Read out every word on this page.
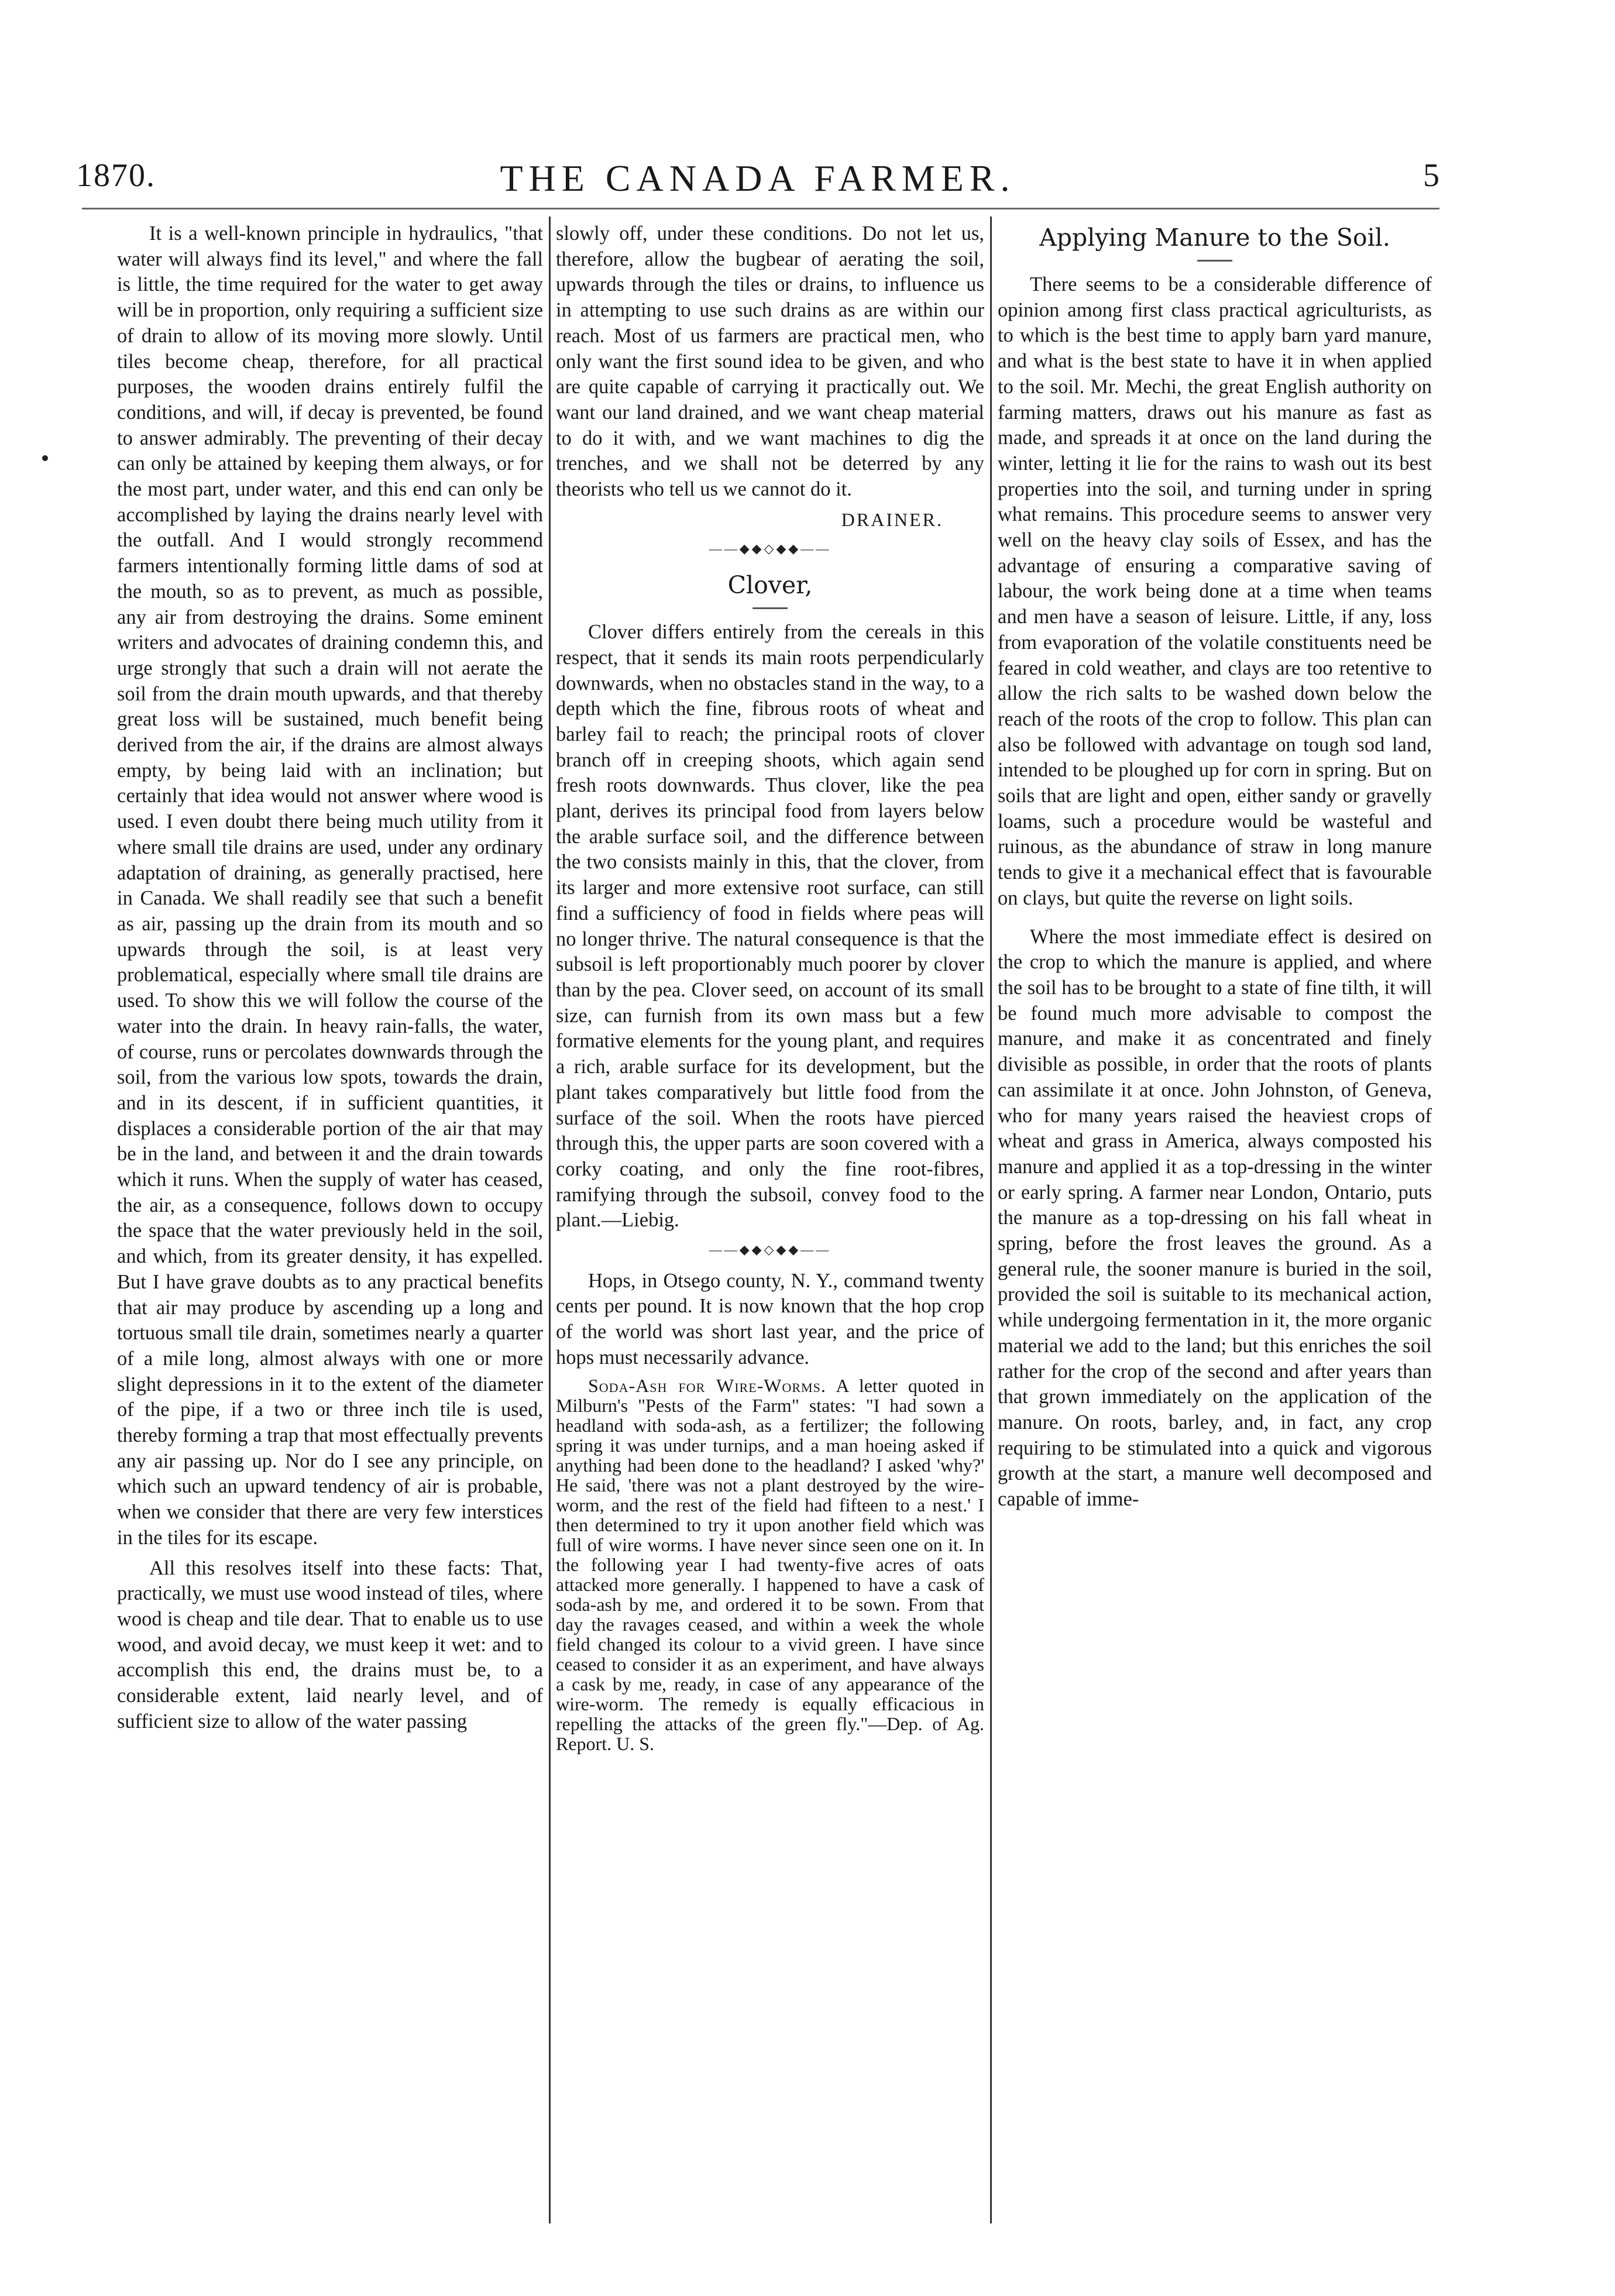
1870.	THE CANADA FARMER.	5

It is a well-known principle in hydraulics, "that water will always find its level," and where the fall is little, the time required for the water to get away will be in proportion, only requiring a sufficient size of drain to allow of its moving more slowly. Until tiles become cheap, therefore, for all practical purposes, the wooden drains entirely fulfil the conditions, and will, if decay is prevented, be found to answer admirably. The preventing of their decay can only be attained by keeping them always, or for the most part, under water, and this end can only be accomplished by laying the drains nearly level with the outfall. And I would strongly recommend farmers intentionally forming little dams of sod at the mouth, so as to prevent, as much as possible, any air from destroying the drains. Some eminent writers and advocates of draining condemn this, and urge strongly that such a drain will not aerate the soil from the drain mouth upwards, and that thereby great loss will be sustained, much benefit being derived from the air, if the drains are almost always empty, by being laid with an inclination; but certainly that idea would not answer where wood is used. I even doubt there being much utility from it where small tile drains are used, under any ordinary adaptation of draining, as generally practised, here in Canada. We shall readily see that such a benefit as air, passing up the drain from its mouth and so upwards through the soil, is at least very problematical, especially where small tile drains are used. To show this we will follow the course of the water into the drain. In heavy rain-falls, the water, of course, runs or percolates downwards through the soil, from the various low spots, towards the drain, and in its descent, if in sufficient quantities, it displaces a considerable portion of the air that may be in the land, and between it and the drain towards which it runs. When the supply of water has ceased, the air, as a consequence, follows down to occupy the space that the water previously held in the soil, and which, from its greater density, it has expelled. But I have grave doubts as to any practical benefits that air may produce by ascending up a long and tortuous small tile drain, sometimes nearly a quarter of a mile long, almost always with one or more slight depressions in it to the extent of the diameter of the pipe, if a two or three inch tile is used, thereby forming a trap that most effectually prevents any air passing up. Nor do I see any principle, on which such an upward tendency of air is probable, when we consider that there are very few interstices in the tiles for its escape.

All this resolves itself into these facts: That, practically, we must use wood instead of tiles, where wood is cheap and tile dear. That to enable us to use wood, and avoid decay, we must keep it wet: and to accomplish this end, the drains must be, to a considerable extent, laid nearly level, and of sufficient size to allow of the water passing

slowly off, under these conditions. Do not let us, therefore, allow the bugbear of aerating the soil, upwards through the tiles or drains, to influence us in attempting to use such drains as are within our reach. Most of us farmers are practical men, who only want the first sound idea to be given, and who are quite capable of carrying it practically out. We want our land drained, and we want cheap material to do it with, and we want machines to dig the trenches, and we shall not be deterred by any theorists who tell us we cannot do it.

DRAINER.
——◆◆◇◆◆——
Clover,

Clover differs entirely from the cereals in this respect, that it sends its main roots perpendicularly downwards, when no obstacles stand in the way, to a depth which the fine, fibrous roots of wheat and barley fail to reach; the principal roots of clover branch off in creeping shoots, which again send fresh roots downwards. Thus clover, like the pea plant, derives its principal food from layers below the arable surface soil, and the difference between the two consists mainly in this, that the clover, from its larger and more extensive root surface, can still find a sufficiency of food in fields where peas will no longer thrive. The natural consequence is that the subsoil is left proportionably much poorer by clover than by the pea. Clover seed, on account of its small size, can furnish from its own mass but a few formative elements for the young plant, and requires a rich, arable surface for its development, but the plant takes comparatively but little food from the surface of the soil. When the roots have pierced through this, the upper parts are soon covered with a corky coating, and only the fine root-fibres, ramifying through the subsoil, convey food to the plant.—Liebig.

——◆◆◇◆◆——

Hops, in Otsego county, N. Y., command twenty cents per pound. It is now known that the hop crop of the world was short last year, and the price of hops must necessarily advance.

Soda-Ash for Wire-Worms. A letter quoted in Milburn's "Pests of the Farm" states: "I had sown a headland with soda-ash, as a fertilizer; the following spring it was under turnips, and a man hoeing asked if anything had been done to the headland? I asked 'why?' He said, 'there was not a plant destroyed by the wire-worm, and the rest of the field had fifteen to a nest.' I then determined to try it upon another field which was full of wire worms. I have never since seen one on it. In the following year I had twenty-five acres of oats attacked more generally. I happened to have a cask of soda-ash by me, and ordered it to be sown. From that day the ravages ceased, and within a week the whole field changed its colour to a vivid green. I have since ceased to consider it as an experiment, and have always a cask by me, ready, in case of any appearance of the wire-worm. The remedy is equally efficacious in repelling the attacks of the green fly."—Dep. of Ag. Report. U. S.

Applying Manure to the Soil.

There seems to be a considerable difference of opinion among first class practical agriculturists, as to which is the best time to apply barn yard manure, and what is the best state to have it in when applied to the soil. Mr. Mechi, the great English authority on farming matters, draws out his manure as fast as made, and spreads it at once on the land during the winter, letting it lie for the rains to wash out its best properties into the soil, and turning under in spring what remains. This procedure seems to answer very well on the heavy clay soils of Essex, and has the advantage of ensuring a comparative saving of labour, the work being done at a time when teams and men have a season of leisure. Little, if any, loss from evaporation of the volatile constituents need be feared in cold weather, and clays are too retentive to allow the rich salts to be washed down below the reach of the roots of the crop to follow. This plan can also be followed with advantage on tough sod land, intended to be ploughed up for corn in spring. But on soils that are light and open, either sandy or gravelly loams, such a procedure would be wasteful and ruinous, as the abundance of straw in long manure tends to give it a mechanical effect that is favourable on clays, but quite the reverse on light soils.

Where the most immediate effect is desired on the crop to which the manure is applied, and where the soil has to be brought to a state of fine tilth, it will be found much more advisable to compost the manure, and make it as concentrated and finely divisible as possible, in order that the roots of plants can assimilate it at once. John Johnston, of Geneva, who for many years raised the heaviest crops of wheat and grass in America, always composted his manure and applied it as a top-dressing in the winter or early spring. A farmer near London, Ontario, puts the manure as a top-dressing on his fall wheat in spring, before the frost leaves the ground. As a general rule, the sooner manure is buried in the soil, provided the soil is suitable to its mechanical action, while undergoing fermentation in it, the more organic material we add to the land; but this enriches the soil rather for the crop of the second and after years than that grown immediately on the application of the manure. On roots, barley, and, in fact, any crop requiring to be stimulated into a quick and vigorous growth at the start, a manure well decomposed and capable of imme-
